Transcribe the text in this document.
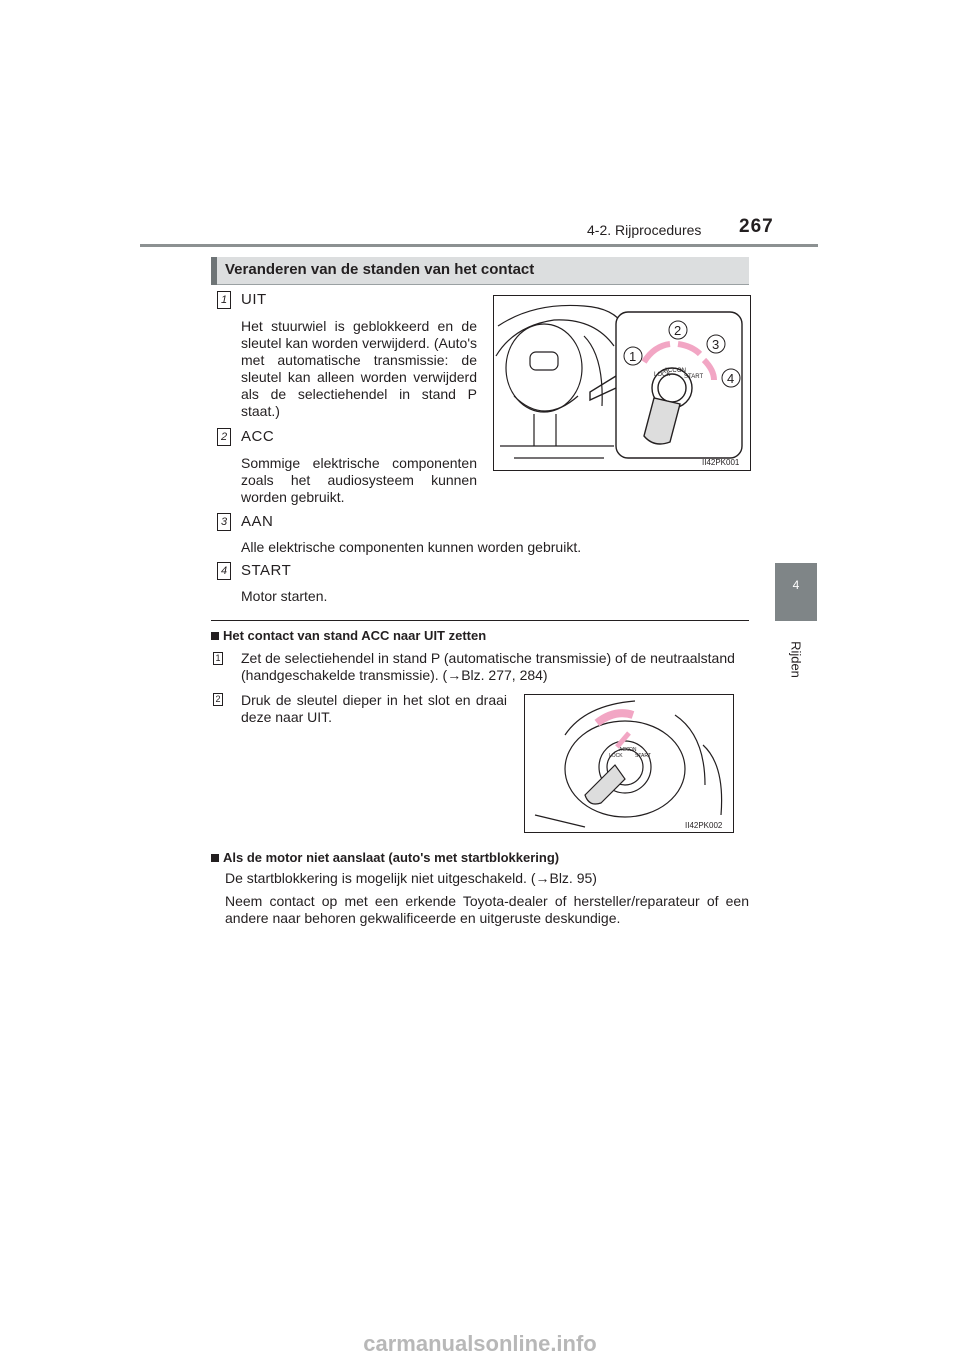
4-2. Rijprocedures 267
4
Rijden
Veranderen van de standen van het contact
1 UIT
Het stuurwiel is geblokkeerd en de sleutel kan worden verwijderd. (Auto's met automatische transmissie: de sleutel kan alleen worden verwijderd als de selectiehendel in stand P staat.)
2 ACC
Sommige elektrische componenten zoals het audiosysteem kunnen worden gebruikt.
3 AAN
Alle elektrische componenten kunnen worden gebruikt.
4 START
Motor starten.
LOCK
ACC ON
START
1
2
3
4
II42PK001
Het contact van stand ACC naar UIT zetten
1 Zet de selectiehendel in stand P (automatische transmissie) of de neutraalstand (handgeschakelde transmissie). (→Blz. 277, 284)
2 Druk de sleutel dieper in het slot en draai deze naar UIT.
LOCK
ACC ON
START
II42PK002
Als de motor niet aanslaat (auto's met startblokkering)
De startblokkering is mogelijk niet uitgeschakeld. (→Blz. 95)
Neem contact op met een erkende Toyota-dealer of hersteller/reparateur of een andere naar behoren gekwalificeerde en uitgeruste deskundige.
carmanualsonline.info
